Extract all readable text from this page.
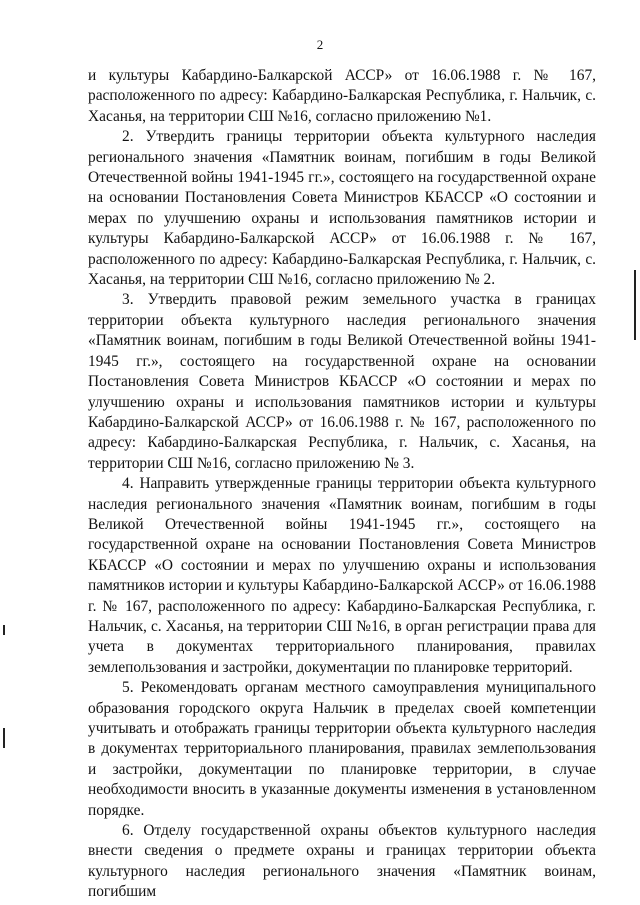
2

и культуры Кабардино-Балкарской АССР» от 16.06.1988 г. № 167, расположенного по адресу: Кабардино-Балкарская Республика, г. Нальчик, с. Хасанья, на территории СШ №16, согласно приложению №1.

2. Утвердить границы территории объекта культурного наследия регионального значения «Памятник воинам, погибшим в годы Великой Отечественной войны 1941-1945 гг.», состоящего на государственной охране на основании Постановления Совета Министров КБАССР «О состоянии и мерах по улучшению охраны и использования памятников истории и культуры Кабардино-Балкарской АССР» от 16.06.1988 г. № 167, расположенного по адресу: Кабардино-Балкарская Республика, г. Нальчик, с. Хасанья, на территории СШ №16, согласно приложению № 2.

3. Утвердить правовой режим земельного участка в границах территории объекта культурного наследия регионального значения «Памятник воинам, погибшим в годы Великой Отечественной войны 1941-1945 гг.», состоящего на государственной охране на основании Постановления Совета Министров КБАССР «О состоянии и мерах по улучшению охраны и использования памятников истории и культуры Кабардино-Балкарской АССР» от 16.06.1988 г. № 167, расположенного по адресу: Кабардино-Балкарская Республика, г. Нальчик, с. Хасанья, на территории СШ №16, согласно приложению № 3.

4. Направить утвержденные границы территории объекта культурного наследия регионального значения «Памятник воинам, погибшим в годы Великой Отечественной войны 1941-1945 гг.», состоящего на государственной охране на основании Постановления Совета Министров КБАССР «О состоянии и мерах по улучшению охраны и использования памятников истории и культуры Кабардино-Балкарской АССР» от 16.06.1988 г. № 167, расположенного по адресу: Кабардино-Балкарская Республика, г. Нальчик, с. Хасанья, на территории СШ №16, в орган регистрации права для учета в документах территориального планирования, правилах землепользования и застройки, документации по планировке территорий.

5. Рекомендовать органам местного самоуправления муниципального образования городского округа Нальчик в пределах своей компетенции учитывать и отображать границы территории объекта культурного наследия в документах территориального планирования, правилах землепользования и застройки, документации по планировке территории, в случае необходимости вносить в указанные документы изменения в установленном порядке.

6. Отделу государственной охраны объектов культурного наследия внести сведения о предмете охраны и границах территории объекта культурного наследия регионального значения «Памятник воинам, погибшим
